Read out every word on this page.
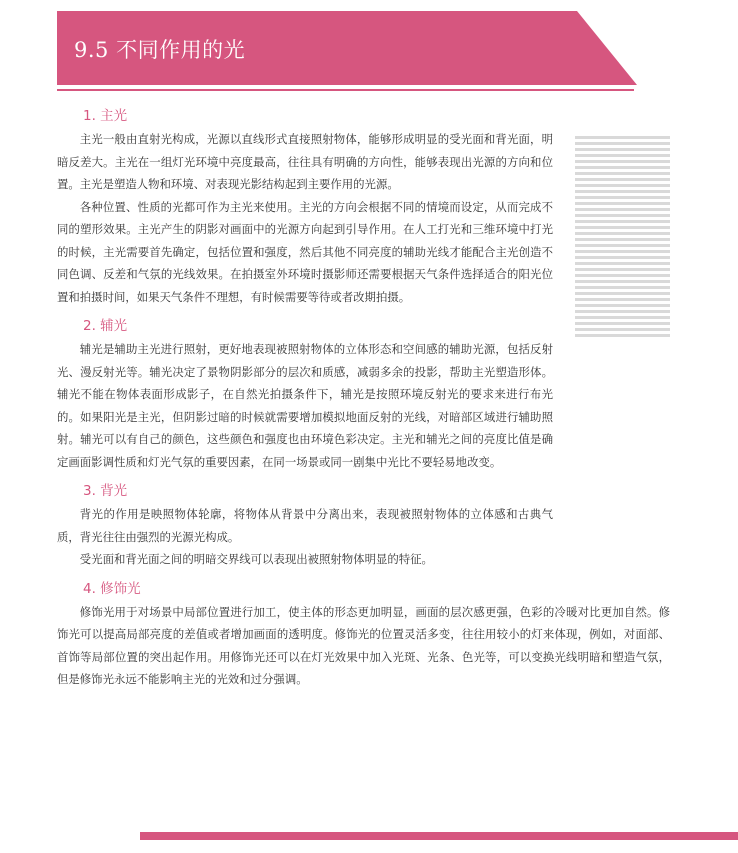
9.5 不同作用的光
1. 主光

主光一般由直射光构成，光源以直线形式直接照射物体，能够形成明显的受光面和背光面，明暗反差大。主光在一组灯光环境中亮度最高，往往具有明确的方向性，能够表现出光源的方向和位置。主光是塑造人物和环境、对表现光影结构起到主要作用的光源。

各种位置、性质的光都可作为主光来使用。主光的方向会根据不同的情境而设定，从而完成不同的塑形效果。主光产生的阴影对画面中的光源方向起到引导作用。在人工打光和三维环境中打光的时候，主光需要首先确定，包括位置和强度，然后其他不同亮度的辅助光线才能配合主光创造不同色调、反差和气氛的光线效果。在拍摄室外环境时摄影师还需要根据天气条件选择适合的阳光位置和拍摄时间，如果天气条件不理想，有时候需要等待或者改期拍摄。

2. 辅光

辅光是辅助主光进行照射，更好地表现被照射物体的立体形态和空间感的辅助光源，包括反射光、漫反射光等。辅光决定了景物阴影部分的层次和质感，减弱多余的投影，帮助主光塑造形体。辅光不能在物体表面形成影子，在自然光拍摄条件下，辅光是按照环境反射光的要求来进行布光的。如果阳光是主光，但阴影过暗的时候就需要增加模拟地面反射的光线，对暗部区域进行辅助照射。辅光可以有自己的颜色，这些颜色和强度也由环境色彩决定。主光和辅光之间的亮度比值是确定画面影调性质和灯光气氛的重要因素，在同一场景或同一剧集中光比不要轻易地改变。

3. 背光

背光的作用是映照物体轮廓，将物体从背景中分离出来，表现被照射物体的立体感和古典气质，背光往往由强烈的光源光构成。

受光面和背光面之间的明暗交界线可以表现出被照射物体明显的特征。

4. 修饰光

修饰光用于对场景中局部位置进行加工，使主体的形态更加明显，画面的层次感更强，色彩的冷暖对比更加自然。修饰光可以提高局部亮度的差值或者增加画面的透明度。修饰光的位置灵活多变，往往用较小的灯来体现，例如，对面部、首饰等局部位置的突出起作用。用修饰光还可以在灯光效果中加入光斑、光条、色光等，可以变换光线明暗和塑造气氛，但是修饰光永远不能影响主光的光效和过分强调。
